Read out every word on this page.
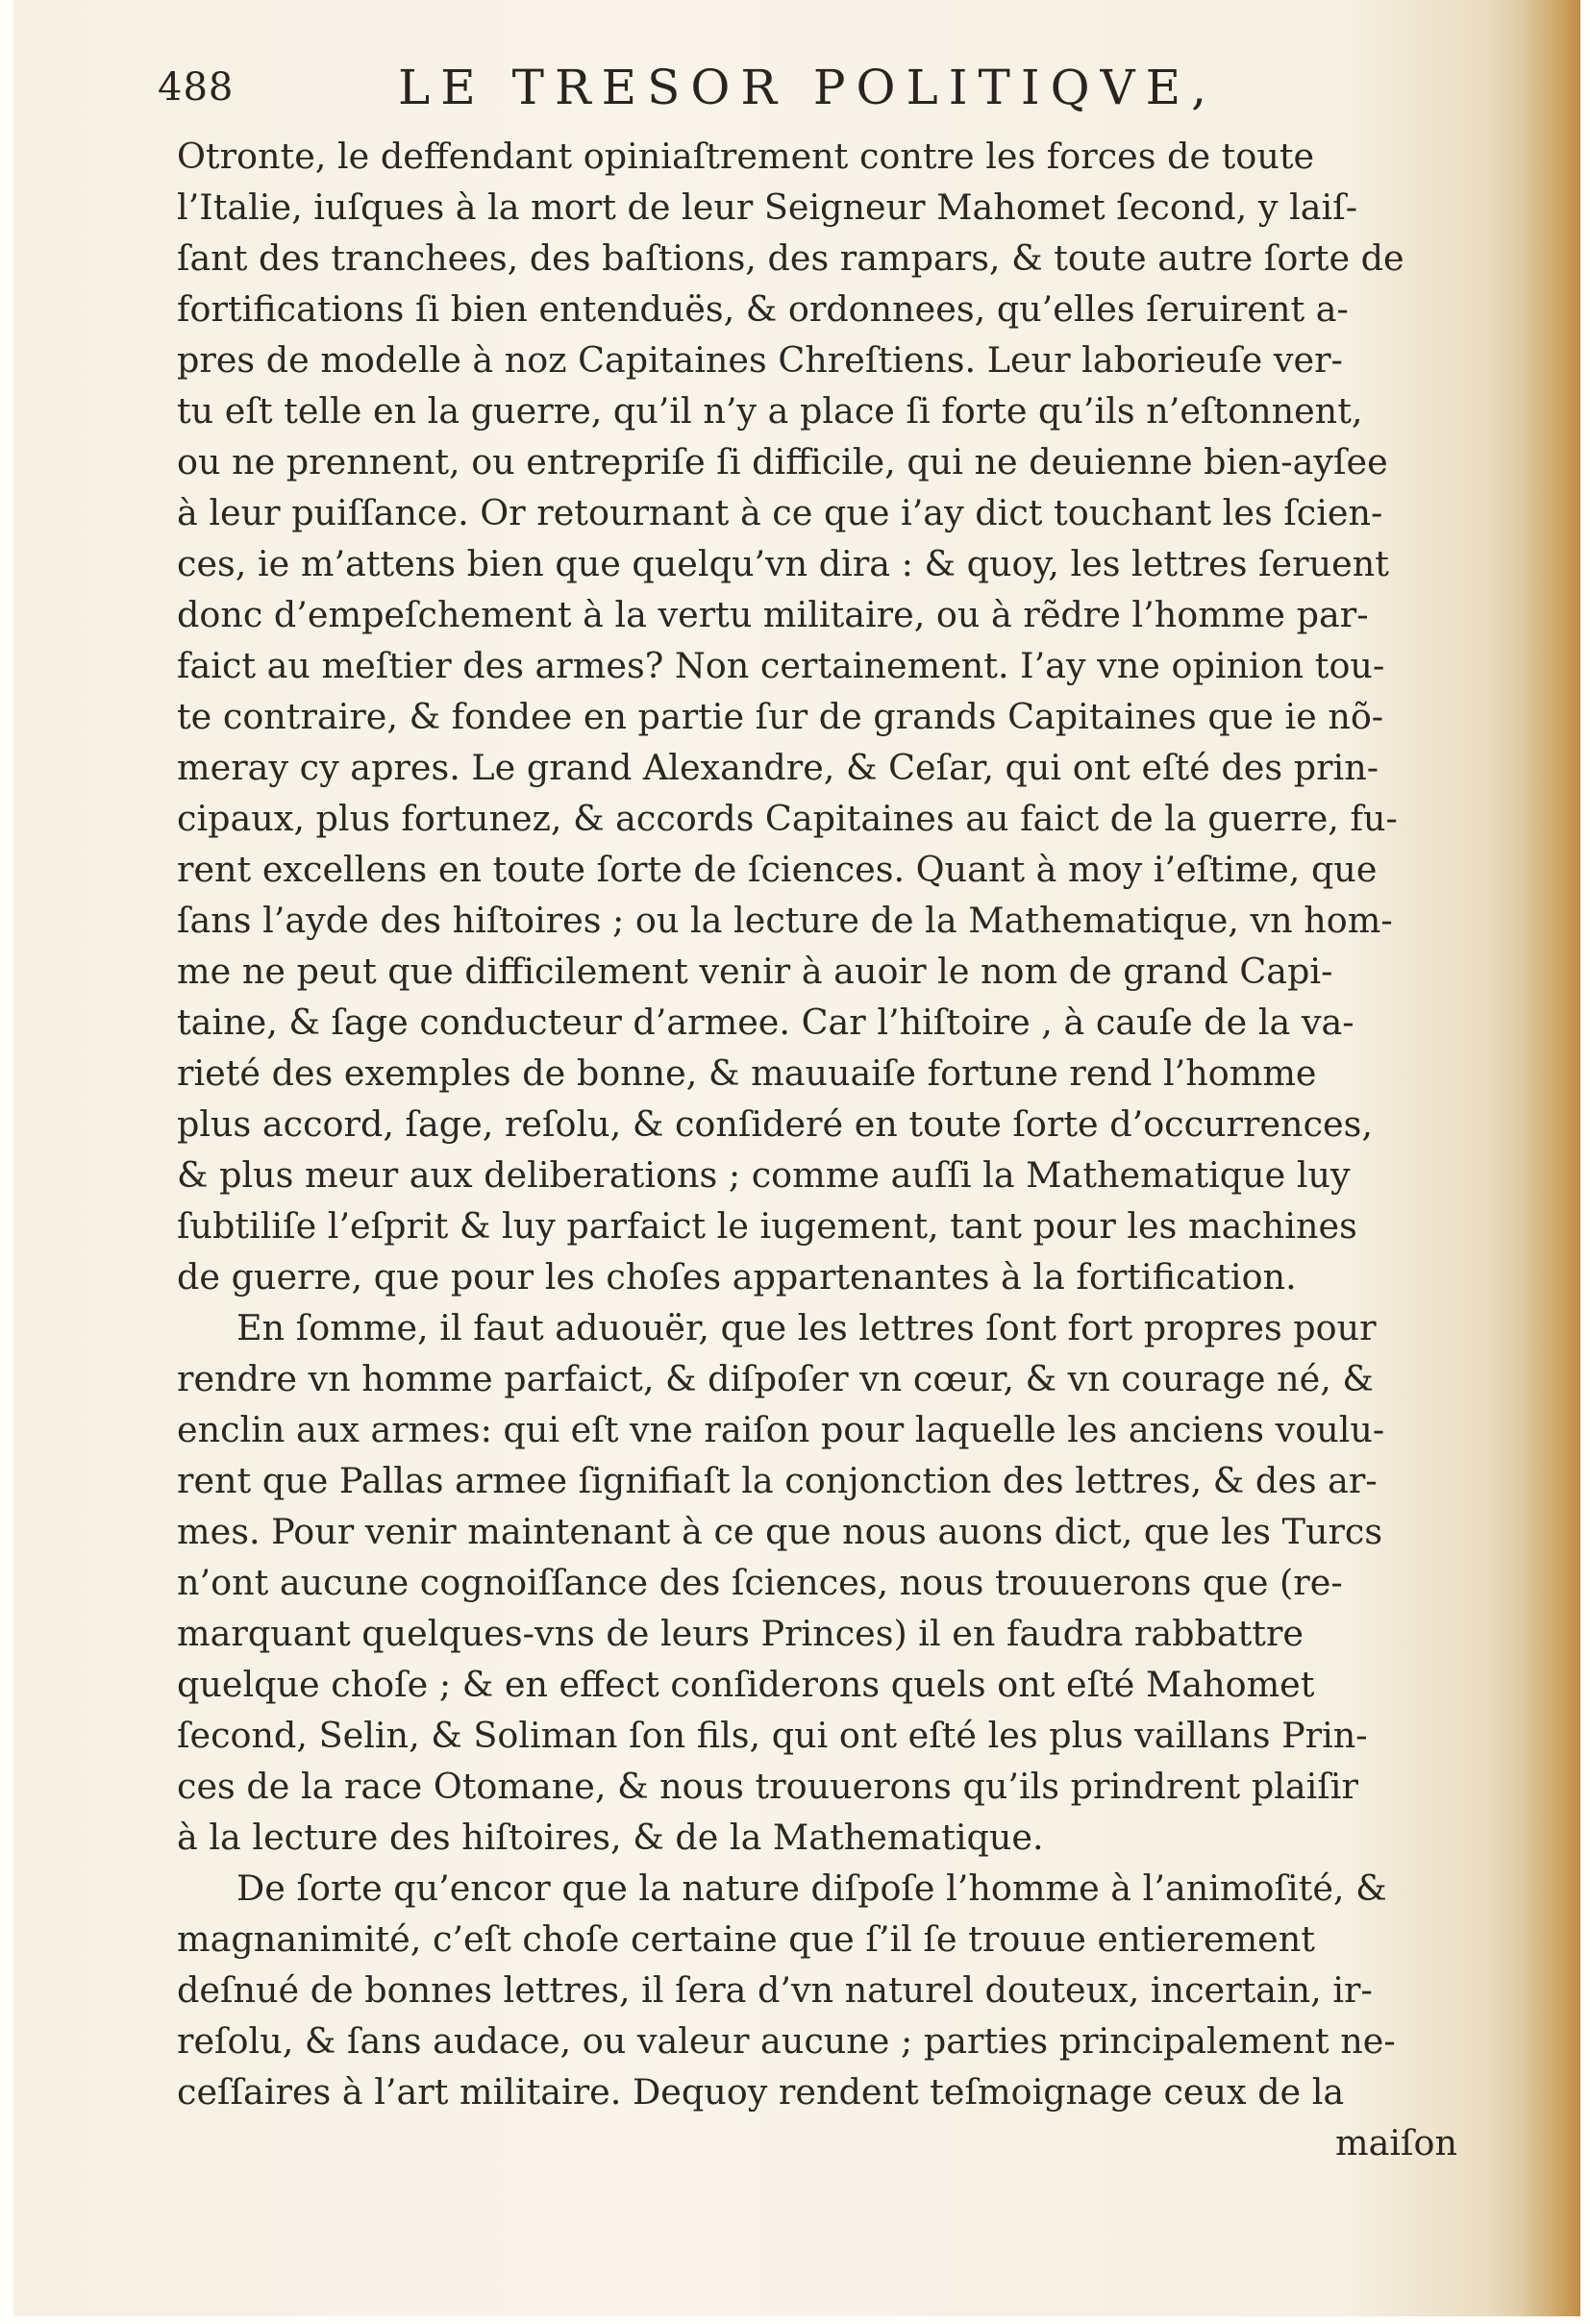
488	LE TRESOR POLITIQVE,
Otronte, le deffendant opiniaſtrement contre les forces de toute
l’Italie, iuſques à la mort de leur Seigneur Mahomet ſecond, y laiſ-
ſant des tranchees, des baſtions, des rampars, & toute autre ſorte de
fortifications ſi bien entenduës, & ordonnees, qu’elles ſeruirent a-
pres de modelle à noz Capitaines Chreſtiens. Leur laborieuſe ver-
tu eſt telle en la guerre, qu’il n’y a place ſi forte qu’ils n’eſtonnent,
ou ne prennent, ou entrepriſe ſi difficile, qui ne deuienne bien-ayſee
à leur puiſſance. Or retournant à ce que i’ay dict touchant les ſcien-
ces, ie m’attens bien que quelqu’vn dira : & quoy, les lettres ſeruent
donc d’empeſchement à la vertu militaire, ou à rẽdre l’homme par-
faict au meſtier des armes? Non certainement. I’ay vne opinion tou-
te contraire, & fondee en partie ſur de grands Capitaines que ie nõ-
meray cy apres. Le grand Alexandre, & Ceſar, qui ont eſté des prin-
cipaux, plus fortunez, & accords Capitaines au faict de la guerre, fu-
rent excellens en toute ſorte de ſciences. Quant à moy i’eſtime, que
ſans l’ayde des hiſtoires ; ou la lecture de la Mathematique, vn hom-
me ne peut que difficilement venir à auoir le nom de grand Capi-
taine, & ſage conducteur d’armee. Car l’hiſtoire , à cauſe de la va-
rieté des exemples de bonne, & mauuaiſe fortune rend l’homme
plus accord, ſage, reſolu, & conſideré en toute ſorte d’occurrences,
& plus meur aux deliberations ; comme auſſi la Mathematique luy
ſubtiliſe l’eſprit & luy parfaict le iugement, tant pour les machines
de guerre, que pour les choſes appartenantes à la fortification.
En ſomme, il faut aduouër, que les lettres ſont fort propres pour
rendre vn homme parfaict, & diſpoſer vn cœur, & vn courage né, &
enclin aux armes: qui eſt vne raiſon pour laquelle les anciens voulu-
rent que Pallas armee ſignifiaſt la conjonction des lettres, & des ar-
mes. Pour venir maintenant à ce que nous auons dict, que les Turcs
n’ont aucune cognoiſſance des ſciences, nous trouuerons que (re-
marquant quelques-vns de leurs Princes) il en faudra rabbattre
quelque choſe ; & en effect conſiderons quels ont eſté Mahomet
ſecond, Selin, & Soliman ſon fils, qui ont eſté les plus vaillans Prin-
ces de la race Otomane, & nous trouuerons qu’ils prindrent plaiſir
à la lecture des hiſtoires, & de la Mathematique.
De ſorte qu’encor que la nature diſpoſe l’homme à l’animoſité, &
magnanimité, c’eſt choſe certaine que ſ’il ſe trouue entierement
deſnué de bonnes lettres, il ſera d’vn naturel douteux, incertain, ir-
reſolu, & ſans audace, ou valeur aucune ; parties principalement ne-
ceſſaires à l’art militaire. Dequoy rendent teſmoignage ceux de la
maiſon
